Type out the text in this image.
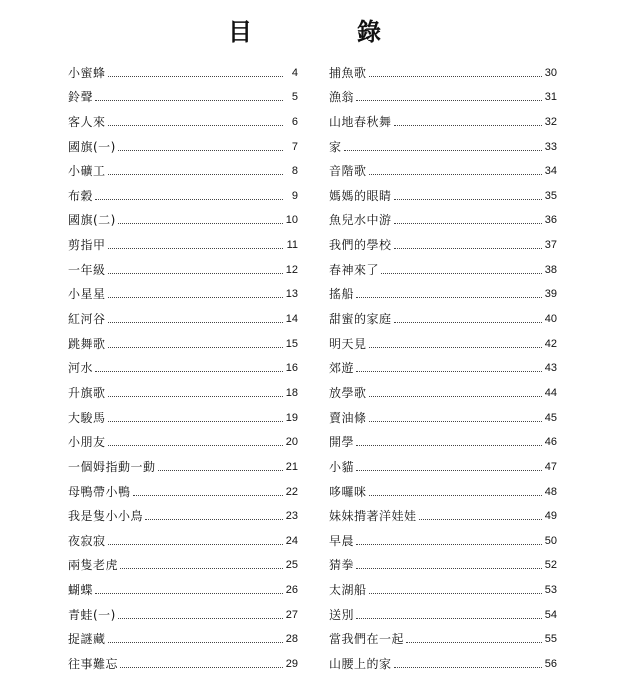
目	錄
小蜜蜂	4
鈴聲	5
客人來	6
國旗(一)	7
小礦工	8
布穀	9
國旗(二)	10
剪指甲	11
一年級	12
小星星	13
紅河谷	14
跳舞歌	15
河水	16
升旗歌	18
大駿馬	19
小朋友	20
一個姆指動一動	21
母鴨帶小鴨	22
我是隻小小鳥	23
夜寂寂	24
兩隻老虎	25
蝴蝶	26
青蛙(一)	27
捉謎藏	28
往事難忘	29
捕魚歌	30
漁翁	31
山地春秋舞	32
家	33
音階歌	34
媽媽的眼睛	35
魚兒水中游	36
我們的學校	37
春神來了	38
搖船	39
甜蜜的家庭	40
明天見	42
郊遊	43
放學歌	44
賣油條	45
開學	46
小貓	47
哆囉咪	48
妹妹揹著洋娃娃	49
早晨	50
猜拳	52
太湖船	53
送別	54
當我們在一起	55
山腰上的家	56
